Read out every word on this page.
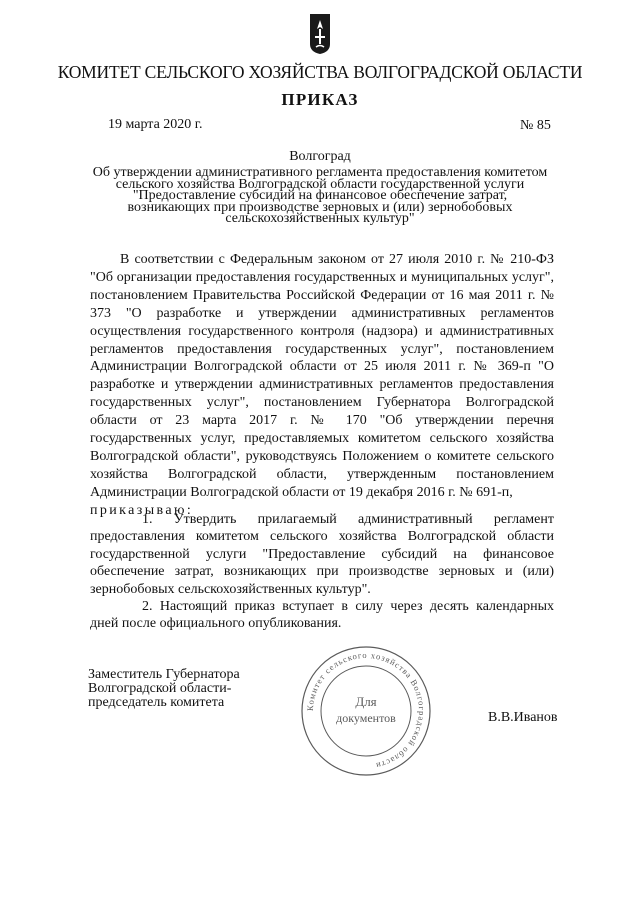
КОМИТЕТ СЕЛЬСКОГО ХОЗЯЙСТВА ВОЛГОГРАДСКОЙ ОБЛАСТИ
ПРИКАЗ
19 марта 2020 г.	№ 85
Волгоград
Об утверждении административного регламента предоставления комитетом
сельского хозяйства Волгоградской области государственной услуги
"Предоставление субсидий на финансовое обеспечение затрат,
возникающих при производстве зерновых и (или) зернобобовых
сельскохозяйственных культур"
В соответствии с Федеральным законом от 27 июля 2010 г. № 210-ФЗ "Об организации предоставления государственных и муниципальных услуг", постановлением Правительства Российской Федерации от 16 мая 2011 г. № 373 "О разработке и утверждении административных регламентов осуществления государственного контроля (надзора) и административных регламентов предоставления государственных услуг", постановлением Администрации Волгоградской области от 25 июля 2011 г. № 369-п "О разработке и утверждении административных регламентов предоставления государственных услуг", постановлением Губернатора Волгоградской области от 23 марта 2017 г. № 170 "Об утверждении перечня государственных услуг, предоставляемых комитетом сельского хозяйства Волгоградской области", руководствуясь Положением о комитете сельского хозяйства Волгоградской области, утвержденным постановлением Администрации Волгоградской области от 19 декабря 2016 г. № 691-п,
приказываю:
1. Утвердить прилагаемый административный регламент предоставления комитетом сельского хозяйства Волгоградской области государственной услуги "Предоставление субсидий на финансовое обеспечение затрат, возникающих при производстве зерновых и (или) зернобобовых сельскохозяйственных культур".
2. Настоящий приказ вступает в силу через десять календарных дней после официального опубликования.
Заместитель Губернатора
Волгоградской области-
председатель комитета
В.В.Иванов
Комитет сельского хозяйства Волгоградской области
Для
документов
